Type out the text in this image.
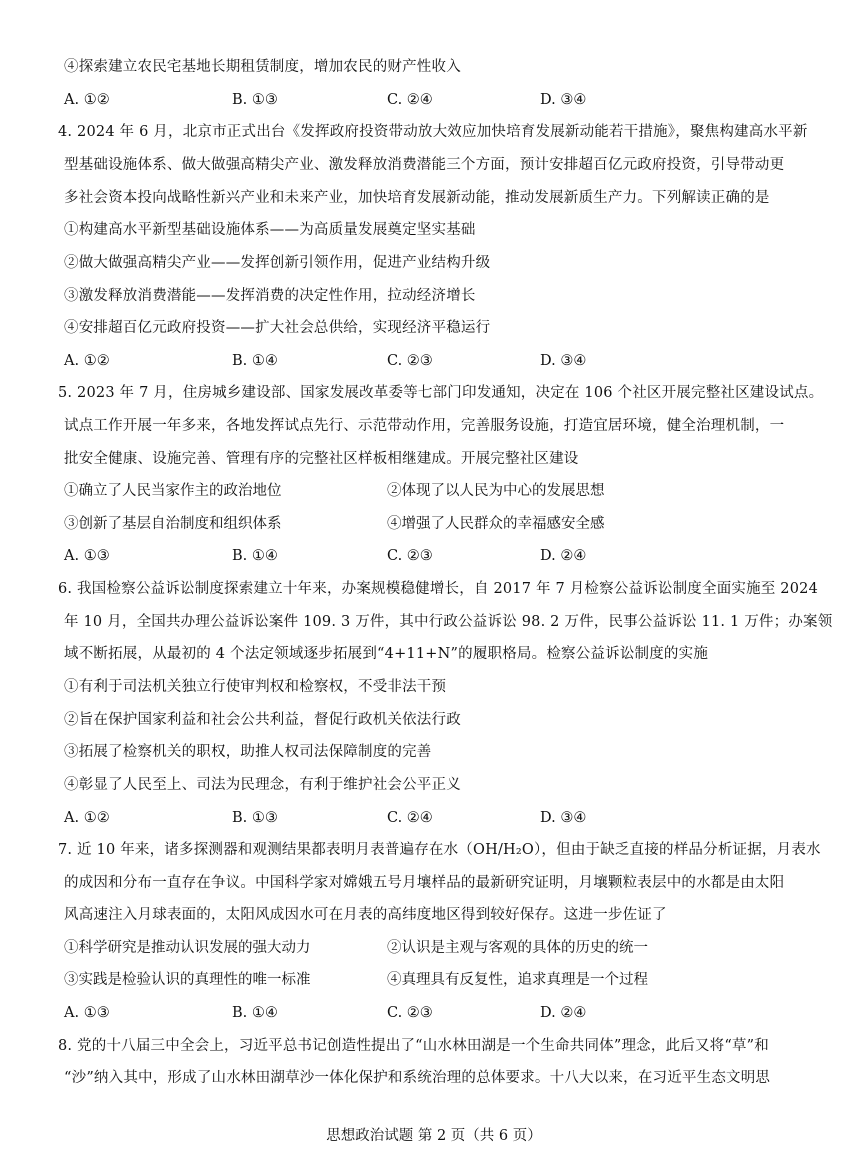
④探索建立农民宅基地长期租赁制度，增加农民的财产性收入
A. ①②	B. ①③	C. ②④	D. ③④
4. 2024 年 6 月，北京市正式出台《发挥政府投资带动放大效应加快培育发展新动能若干措施》，聚焦构建高水平新
型基础设施体系、做大做强高精尖产业、激发释放消费潜能三个方面，预计安排超百亿元政府投资，引导带动更
多社会资本投向战略性新兴产业和未来产业，加快培育发展新动能，推动发展新质生产力。下列解读正确的是
①构建高水平新型基础设施体系——为高质量发展奠定坚实基础
②做大做强高精尖产业——发挥创新引领作用，促进产业结构升级
③激发释放消费潜能——发挥消费的决定性作用，拉动经济增长
④安排超百亿元政府投资——扩大社会总供给，实现经济平稳运行
A. ①②	B. ①④	C. ②③	D. ③④
5. 2023 年 7 月，住房城乡建设部、国家发展改革委等七部门印发通知，决定在 106 个社区开展完整社区建设试点。
试点工作开展一年多来，各地发挥试点先行、示范带动作用，完善服务设施，打造宜居环境，健全治理机制，一
批安全健康、设施完善、管理有序的完整社区样板相继建成。开展完整社区建设
①确立了人民当家作主的政治地位	②体现了以人民为中心的发展思想
③创新了基层自治制度和组织体系	④增强了人民群众的幸福感安全感
A. ①③	B. ①④	C. ②③	D. ②④
6. 我国检察公益诉讼制度探索建立十年来，办案规模稳健增长，自 2017 年 7 月检察公益诉讼制度全面实施至 2024
年 10 月，全国共办理公益诉讼案件 109. 3 万件，其中行政公益诉讼 98. 2 万件，民事公益诉讼 11. 1 万件；办案领
域不断拓展，从最初的 4 个法定领域逐步拓展到“4+11+N”的履职格局。检察公益诉讼制度的实施
①有利于司法机关独立行使审判权和检察权，不受非法干预
②旨在保护国家利益和社会公共利益，督促行政机关依法行政
③拓展了检察机关的职权，助推人权司法保障制度的完善
④彰显了人民至上、司法为民理念，有利于维护社会公平正义
A. ①②	B. ①③	C. ②④	D. ③④
7. 近 10 年来，诸多探测器和观测结果都表明月表普遍存在水（OH/H₂O），但由于缺乏直接的样品分析证据，月表水
的成因和分布一直存在争议。中国科学家对嫦娥五号月壤样品的最新研究证明，月壤颗粒表层中的水都是由太阳
风高速注入月球表面的，太阳风成因水可在月表的高纬度地区得到较好保存。这进一步佐证了
①科学研究是推动认识发展的强大动力	②认识是主观与客观的具体的历史的统一
③实践是检验认识的真理性的唯一标准	④真理具有反复性，追求真理是一个过程
A. ①③	B. ①④	C. ②③	D. ②④
8. 党的十八届三中全会上，习近平总书记创造性提出了“山水林田湖是一个生命共同体”理念，此后又将“草”和
“沙”纳入其中，形成了山水林田湖草沙一体化保护和系统治理的总体要求。十八大以来，在习近平生态文明思
思想政治试题 第 2 页（共 6 页）
